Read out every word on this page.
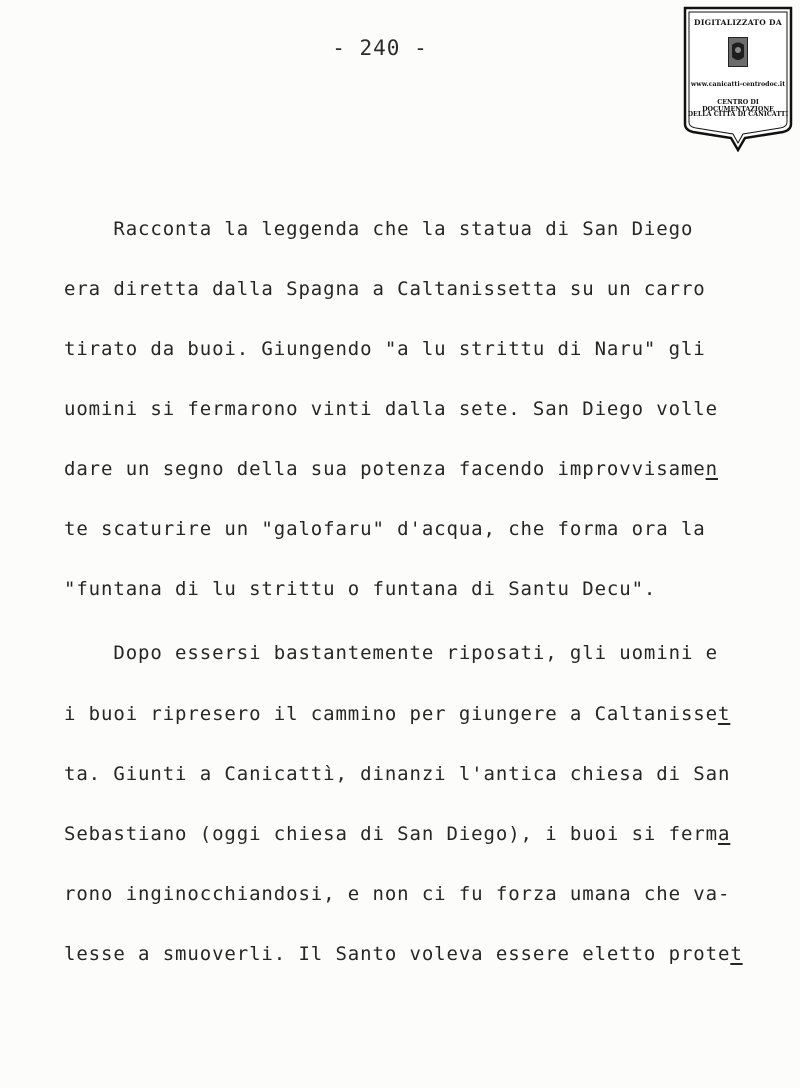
- 240 -
DIGITALIZZATO DA
www.canicatti-centrodoc.it
CENTRO DI DOCUMENTAZIONE
DELLA CITTÀ DI CANICATTÌ
Racconta la leggenda che la statua di San Diego
era diretta dalla Spagna a Caltanissetta su un carro
tirato da buoi. Giungendo "a lu strittu di Naru" gli
uomini si fermarono vinti dalla sete. San Diego volle
dare un segno della sua potenza facendo improvvisamen
te scaturire un "galofaru" d'acqua, che forma ora la
"funtana di lu strittu o funtana di Santu Decu".
Dopo essersi bastantemente riposati, gli uomini e
i buoi ripresero il cammino per giungere a Caltanisset
ta. Giunti a Canicattì, dinanzi l'antica chiesa di San
Sebastiano (oggi chiesa di San Diego), i buoi si ferma
rono inginocchiandosi, e non ci fu forza umana che va-
lesse a smuoverli. Il Santo voleva essere eletto protet
